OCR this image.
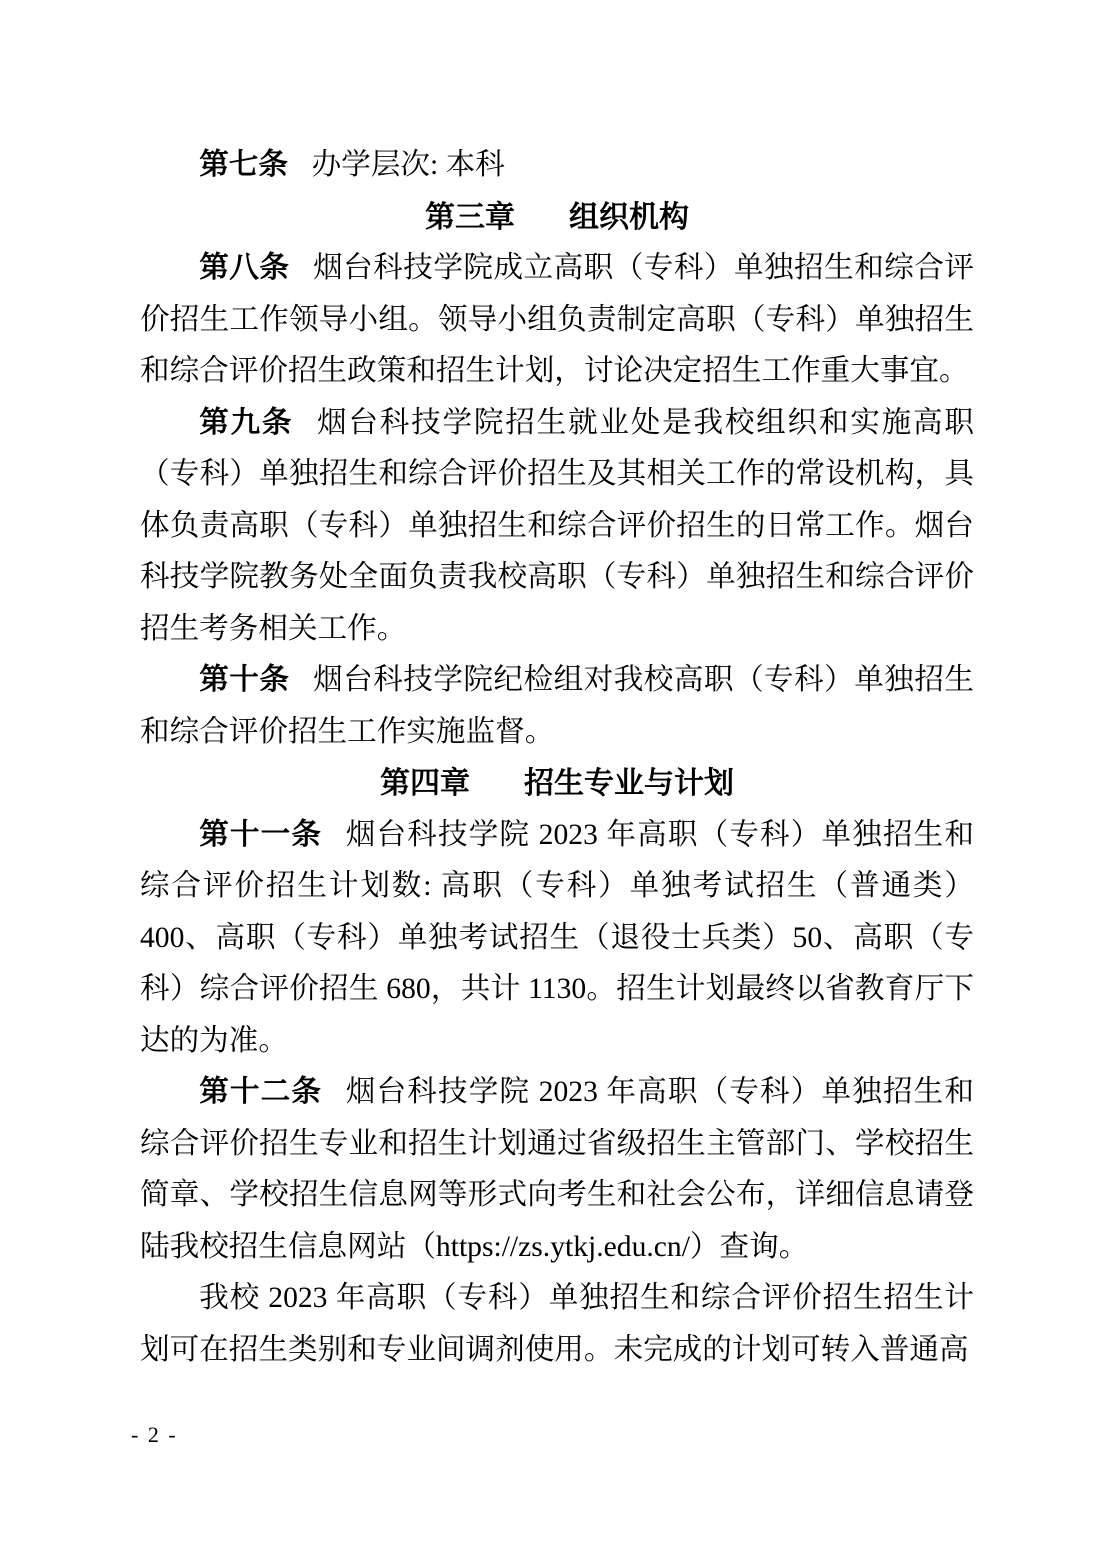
第七条 办学层次: 本科

第三章 组织机构

第八条 烟台科技学院成立高职（专科）单独招生和综合评价招生工作领导小组。领导小组负责制定高职（专科）单独招生和综合评价招生政策和招生计划，讨论决定招生工作重大事宜。

第九条 烟台科技学院招生就业处是我校组织和实施高职（专科）单独招生和综合评价招生及其相关工作的常设机构，具体负责高职（专科）单独招生和综合评价招生的日常工作。烟台科技学院教务处全面负责我校高职（专科）单独招生和综合评价招生考务相关工作。

第十条 烟台科技学院纪检组对我校高职（专科）单独招生和综合评价招生工作实施监督。

第四章 招生专业与计划

第十一条 烟台科技学院 2023 年高职（专科）单独招生和综合评价招生计划数: 高职（专科）单独考试招生（普通类）400、高职（专科）单独考试招生（退役士兵类）50、高职（专科）综合评价招生 680，共计 1130。招生计划最终以省教育厅下达的为准。

第十二条 烟台科技学院 2023 年高职（专科）单独招生和综合评价招生专业和招生计划通过省级招生主管部门、学校招生简章、学校招生信息网等形式向考生和社会公布，详细信息请登陆我校招生信息网站（https://zs.ytkj.edu.cn/）查询。

我校 2023 年高职（专科）单独招生和综合评价招生招生计划可在招生类别和专业间调剂使用。未完成的计划可转入普通高

- 2 -
